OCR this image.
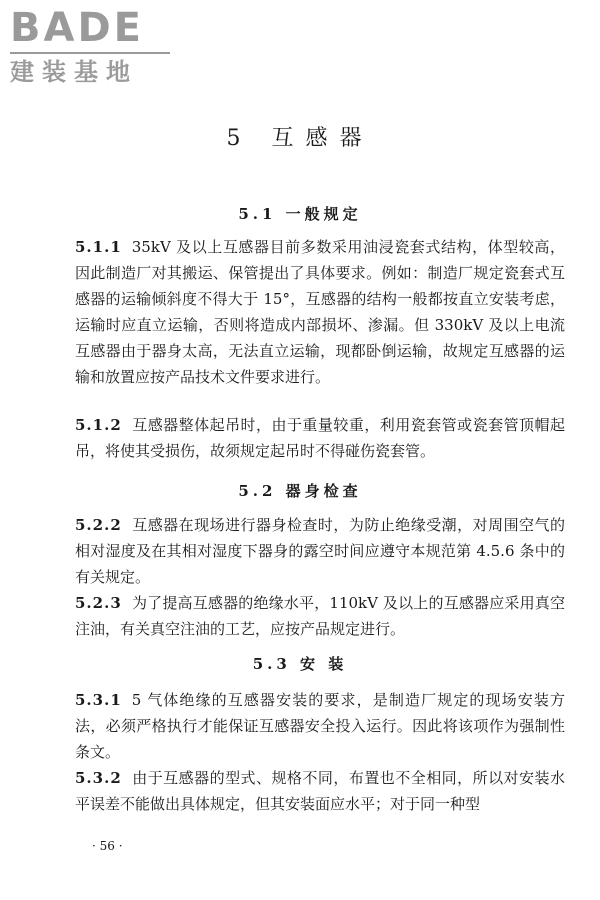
BADE
建装基地
5 互感器
5.1 一般规定
5.1.1 35kV 及以上互感器目前多数采用油浸瓷套式结构，体型较高，因此制造厂对其搬运、保管提出了具体要求。例如：制造厂规定瓷套式互感器的运输倾斜度不得大于 15°，互感器的结构一般都按直立安装考虑，运输时应直立运输，否则将造成内部损坏、渗漏。但 330kV 及以上电流互感器由于器身太高，无法直立运输，现都卧倒运输，故规定互感器的运输和放置应按产品技术文件要求进行。
5.1.2 互感器整体起吊时，由于重量较重，利用瓷套管或瓷套管顶帽起吊，将使其受损伤，故须规定起吊时不得碰伤瓷套管。
5.2 器身检查
5.2.2 互感器在现场进行器身检查时，为防止绝缘受潮，对周围空气的相对湿度及在其相对湿度下器身的露空时间应遵守本规范第 4.5.6 条中的有关规定。
5.2.3 为了提高互感器的绝缘水平，110kV 及以上的互感器应采用真空注油，有关真空注油的工艺，应按产品规定进行。
5.3 安 装
5.3.1 5 气体绝缘的互感器安装的要求，是制造厂规定的现场安装方法，必须严格执行才能保证互感器安全投入运行。因此将该项作为强制性条文。
5.3.2 由于互感器的型式、规格不同，布置也不全相同，所以对安装水平误差不能做出具体规定，但其安装面应水平；对于同一种型
· 56 ·
